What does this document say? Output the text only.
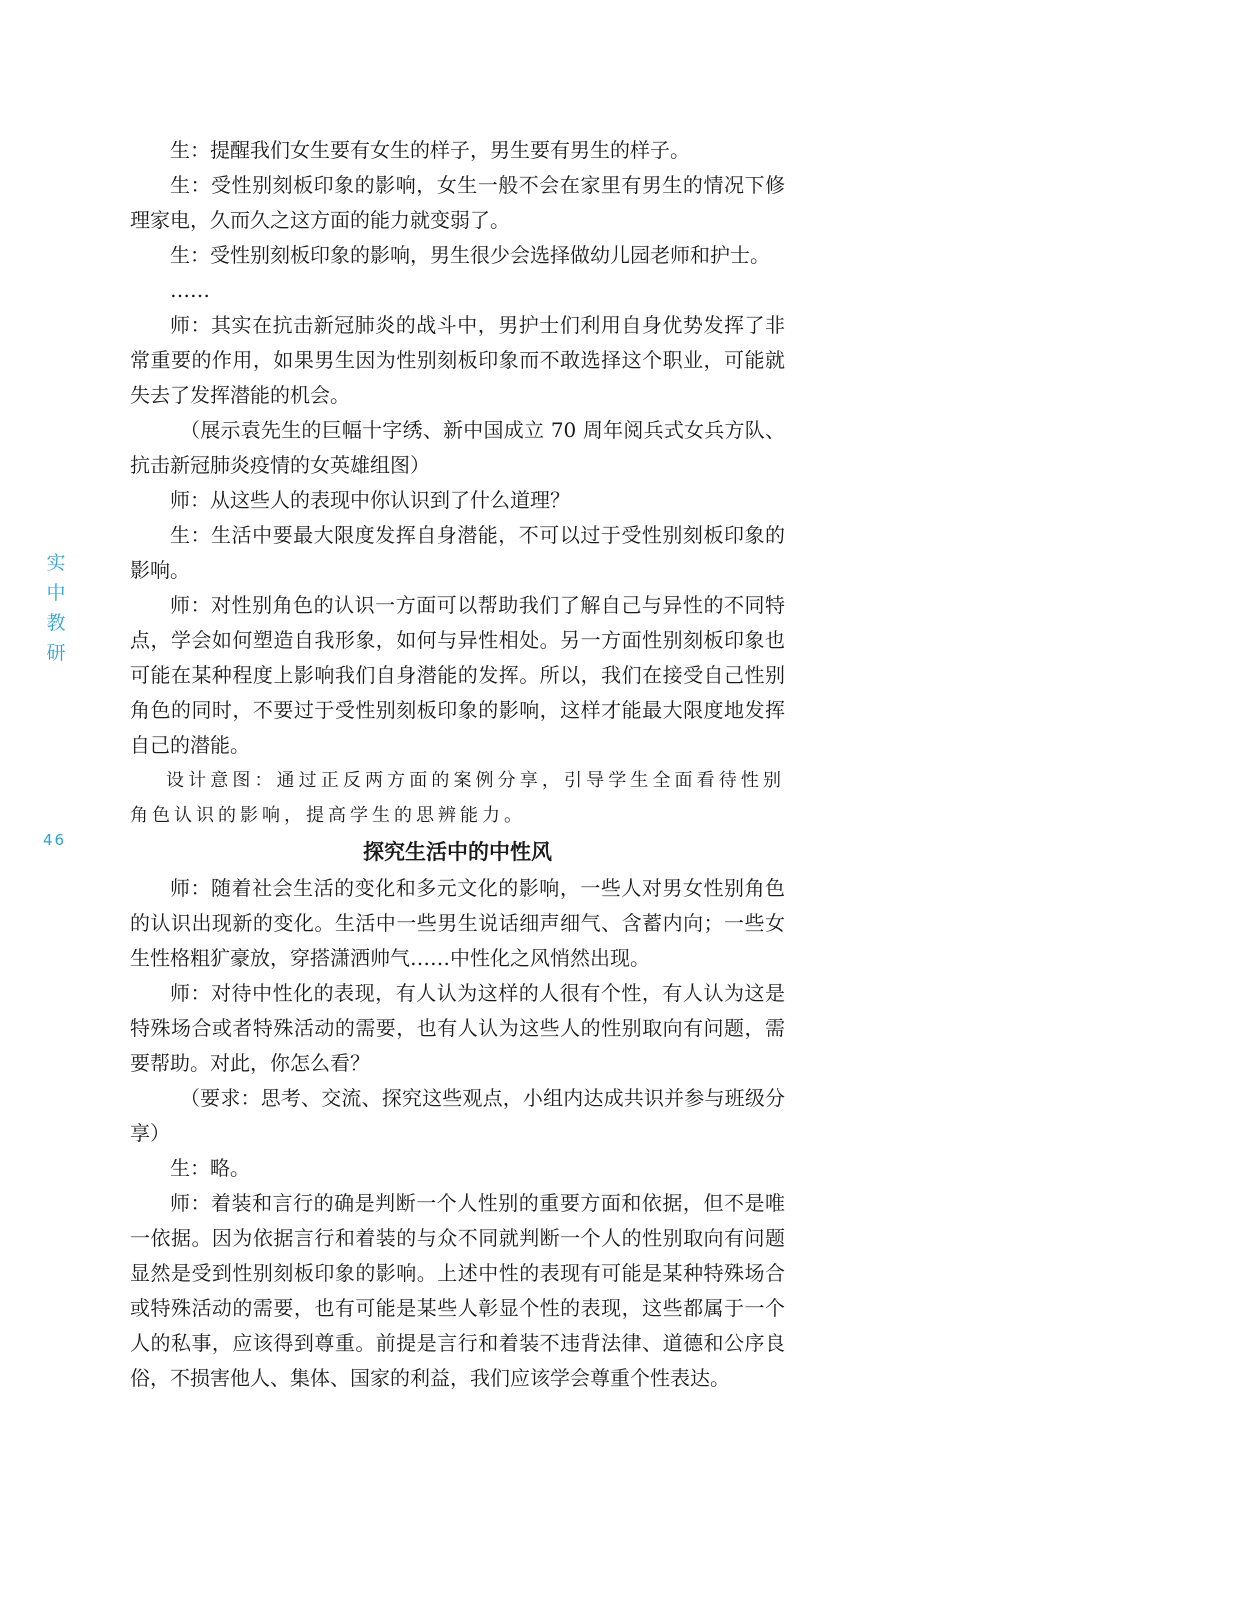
实
中
教
研
46

生：提醒我们女生要有女生的样子，男生要有男生的样子。

生：受性别刻板印象的影响，女生一般不会在家里有男生的情况下修理家电，久而久之这方面的能力就变弱了。

生：受性别刻板印象的影响，男生很少会选择做幼儿园老师和护士。

……

师：其实在抗击新冠肺炎的战斗中，男护士们利用自身优势发挥了非常重要的作用，如果男生因为性别刻板印象而不敢选择这个职业，可能就失去了发挥潜能的机会。

（展示袁先生的巨幅十字绣、新中国成立 70 周年阅兵式女兵方队、抗击新冠肺炎疫情的女英雄组图）

师：从这些人的表现中你认识到了什么道理？

生：生活中要最大限度发挥自身潜能，不可以过于受性别刻板印象的影响。

师：对性别角色的认识一方面可以帮助我们了解自己与异性的不同特点，学会如何塑造自我形象，如何与异性相处。另一方面性别刻板印象也可能在某种程度上影响我们自身潜能的发挥。所以，我们在接受自己性别角色的同时，不要过于受性别刻板印象的影响，这样才能最大限度地发挥自己的潜能。

设计意图：通过正反两方面的案例分享，引导学生全面看待性别角色认识的影响，提高学生的思辨能力。

探究生活中的中性风

师：随着社会生活的变化和多元文化的影响，一些人对男女性别角色的认识出现新的变化。生活中一些男生说话细声细气、含蓄内向；一些女生性格粗犷豪放，穿搭潇洒帅气……中性化之风悄然出现。

师：对待中性化的表现，有人认为这样的人很有个性，有人认为这是特殊场合或者特殊活动的需要，也有人认为这些人的性别取向有问题，需要帮助。对此，你怎么看？

（要求：思考、交流、探究这些观点，小组内达成共识并参与班级分享）

生：略。

师：着装和言行的确是判断一个人性别的重要方面和依据，但不是唯一依据。因为依据言行和着装的与众不同就判断一个人的性别取向有问题显然是受到性别刻板印象的影响。上述中性的表现有可能是某种特殊场合或特殊活动的需要，也有可能是某些人彰显个性的表现，这些都属于一个人的私事，应该得到尊重。前提是言行和着装不违背法律、道德和公序良俗，不损害他人、集体、国家的利益，我们应该学会尊重个性表达。
